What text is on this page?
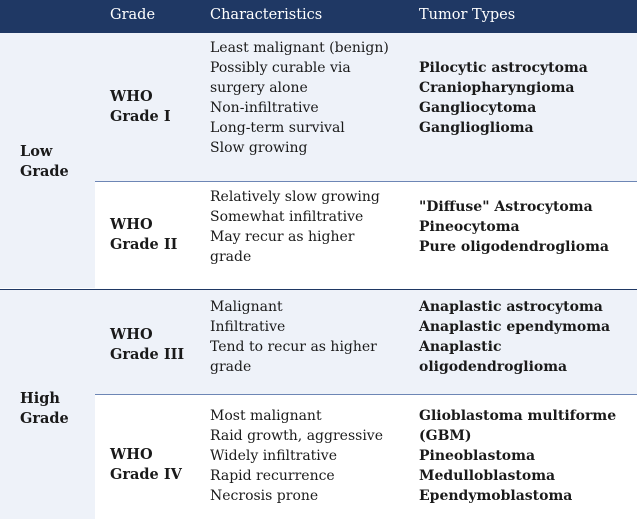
Grade	Characteristics	Tumor Types
Low
Grade
High
Grade
WHO
Grade I
Least malignant (benign)
Possibly curable via
surgery alone
Non-infiltrative
Long-term survival
Slow growing
Pilocytic astrocytoma
Craniopharyngioma
Gangliocytoma
Ganglioglioma
WHO
Grade II
Relatively slow growing
Somewhat infiltrative
May recur as higher
grade
"Diffuse" Astrocytoma
Pineocytoma
Pure oligodendroglioma
WHO
Grade III
Malignant
Infiltrative
Tend to recur as higher
grade
Anaplastic astrocytoma
Anaplastic ependymoma
Anaplastic
oligodendroglioma
WHO
Grade IV
Most malignant
Raid growth, aggressive
Widely infiltrative
Rapid recurrence
Necrosis prone
Glioblastoma multiforme
(GBM)
Pineoblastoma
Medulloblastoma
Ependymoblastoma
